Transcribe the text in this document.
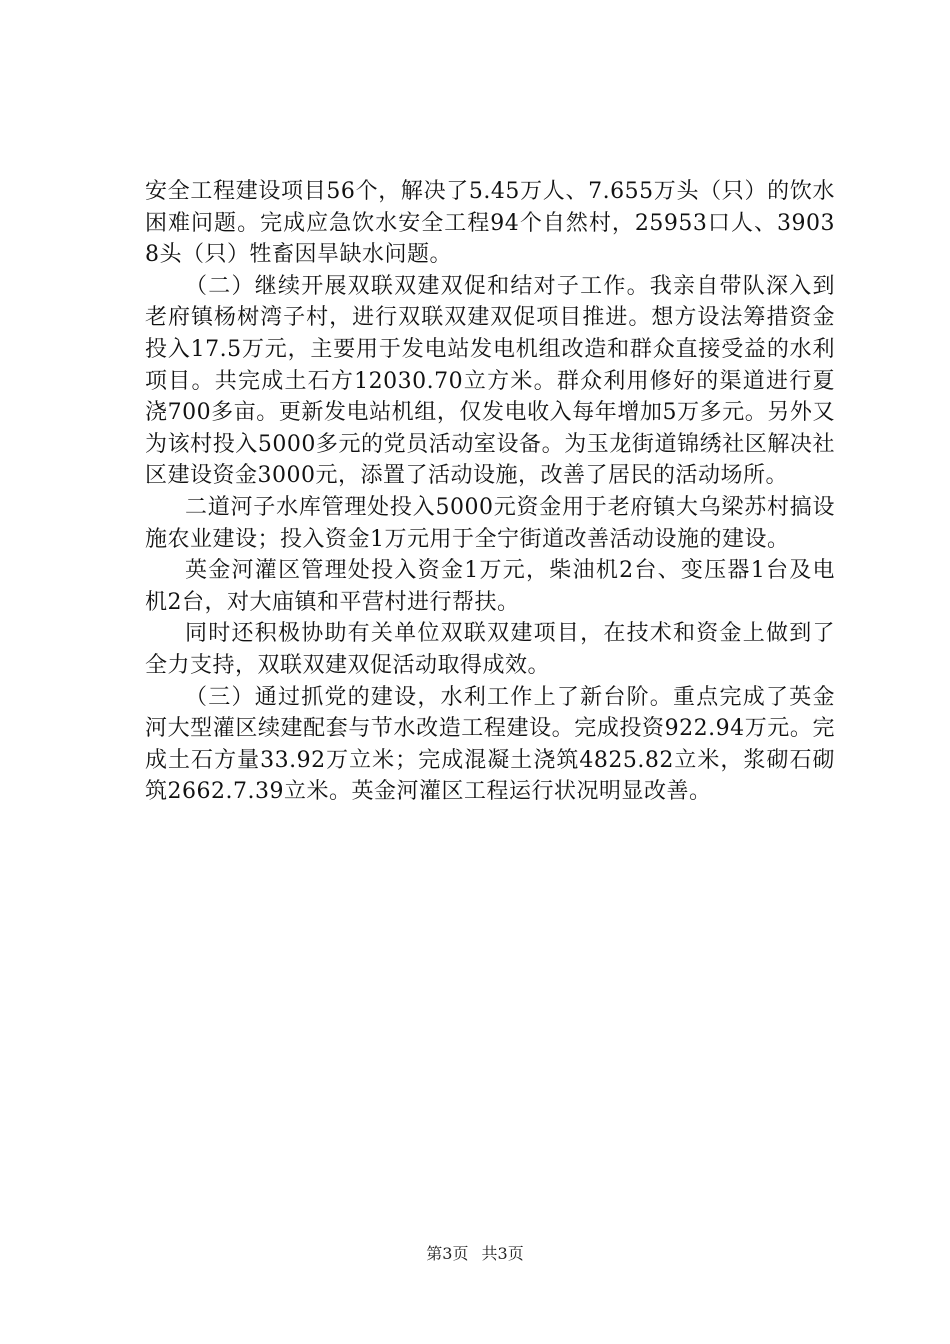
安全工程建设项目56个，解决了5.45万人、7.655万头（只）的饮水困难问题。完成应急饮水安全工程94个自然村，25953口人、39038头（只）牲畜因旱缺水问题。

（二）继续开展双联双建双促和结对子工作。我亲自带队深入到老府镇杨树湾子村，进行双联双建双促项目推进。想方设法筹措资金投入17.5万元，主要用于发电站发电机组改造和群众直接受益的水利项目。共完成土石方12030.70立方米。群众利用修好的渠道进行夏浇700多亩。更新发电站机组，仅发电收入每年增加5万多元。另外又为该村投入5000多元的党员活动室设备。为玉龙街道锦绣社区解决社区建设资金3000元，添置了活动设施，改善了居民的活动场所。

二道河子水库管理处投入5000元资金用于老府镇大乌梁苏村搞设施农业建设；投入资金1万元用于全宁街道改善活动设施的建设。

英金河灌区管理处投入资金1万元，柴油机2台、变压器1台及电机2台，对大庙镇和平营村进行帮扶。

同时还积极协助有关单位双联双建项目，在技术和资金上做到了全力支持，双联双建双促活动取得成效。

（三）通过抓党的建设，水利工作上了新台阶。重点完成了英金河大型灌区续建配套与节水改造工程建设。完成投资922.94万元。完成土石方量33.92万立米；完成混凝土浇筑4825.82立米，浆砌石砌筑2662.7.39立米。英金河灌区工程运行状况明显改善。

第3页 共3页
